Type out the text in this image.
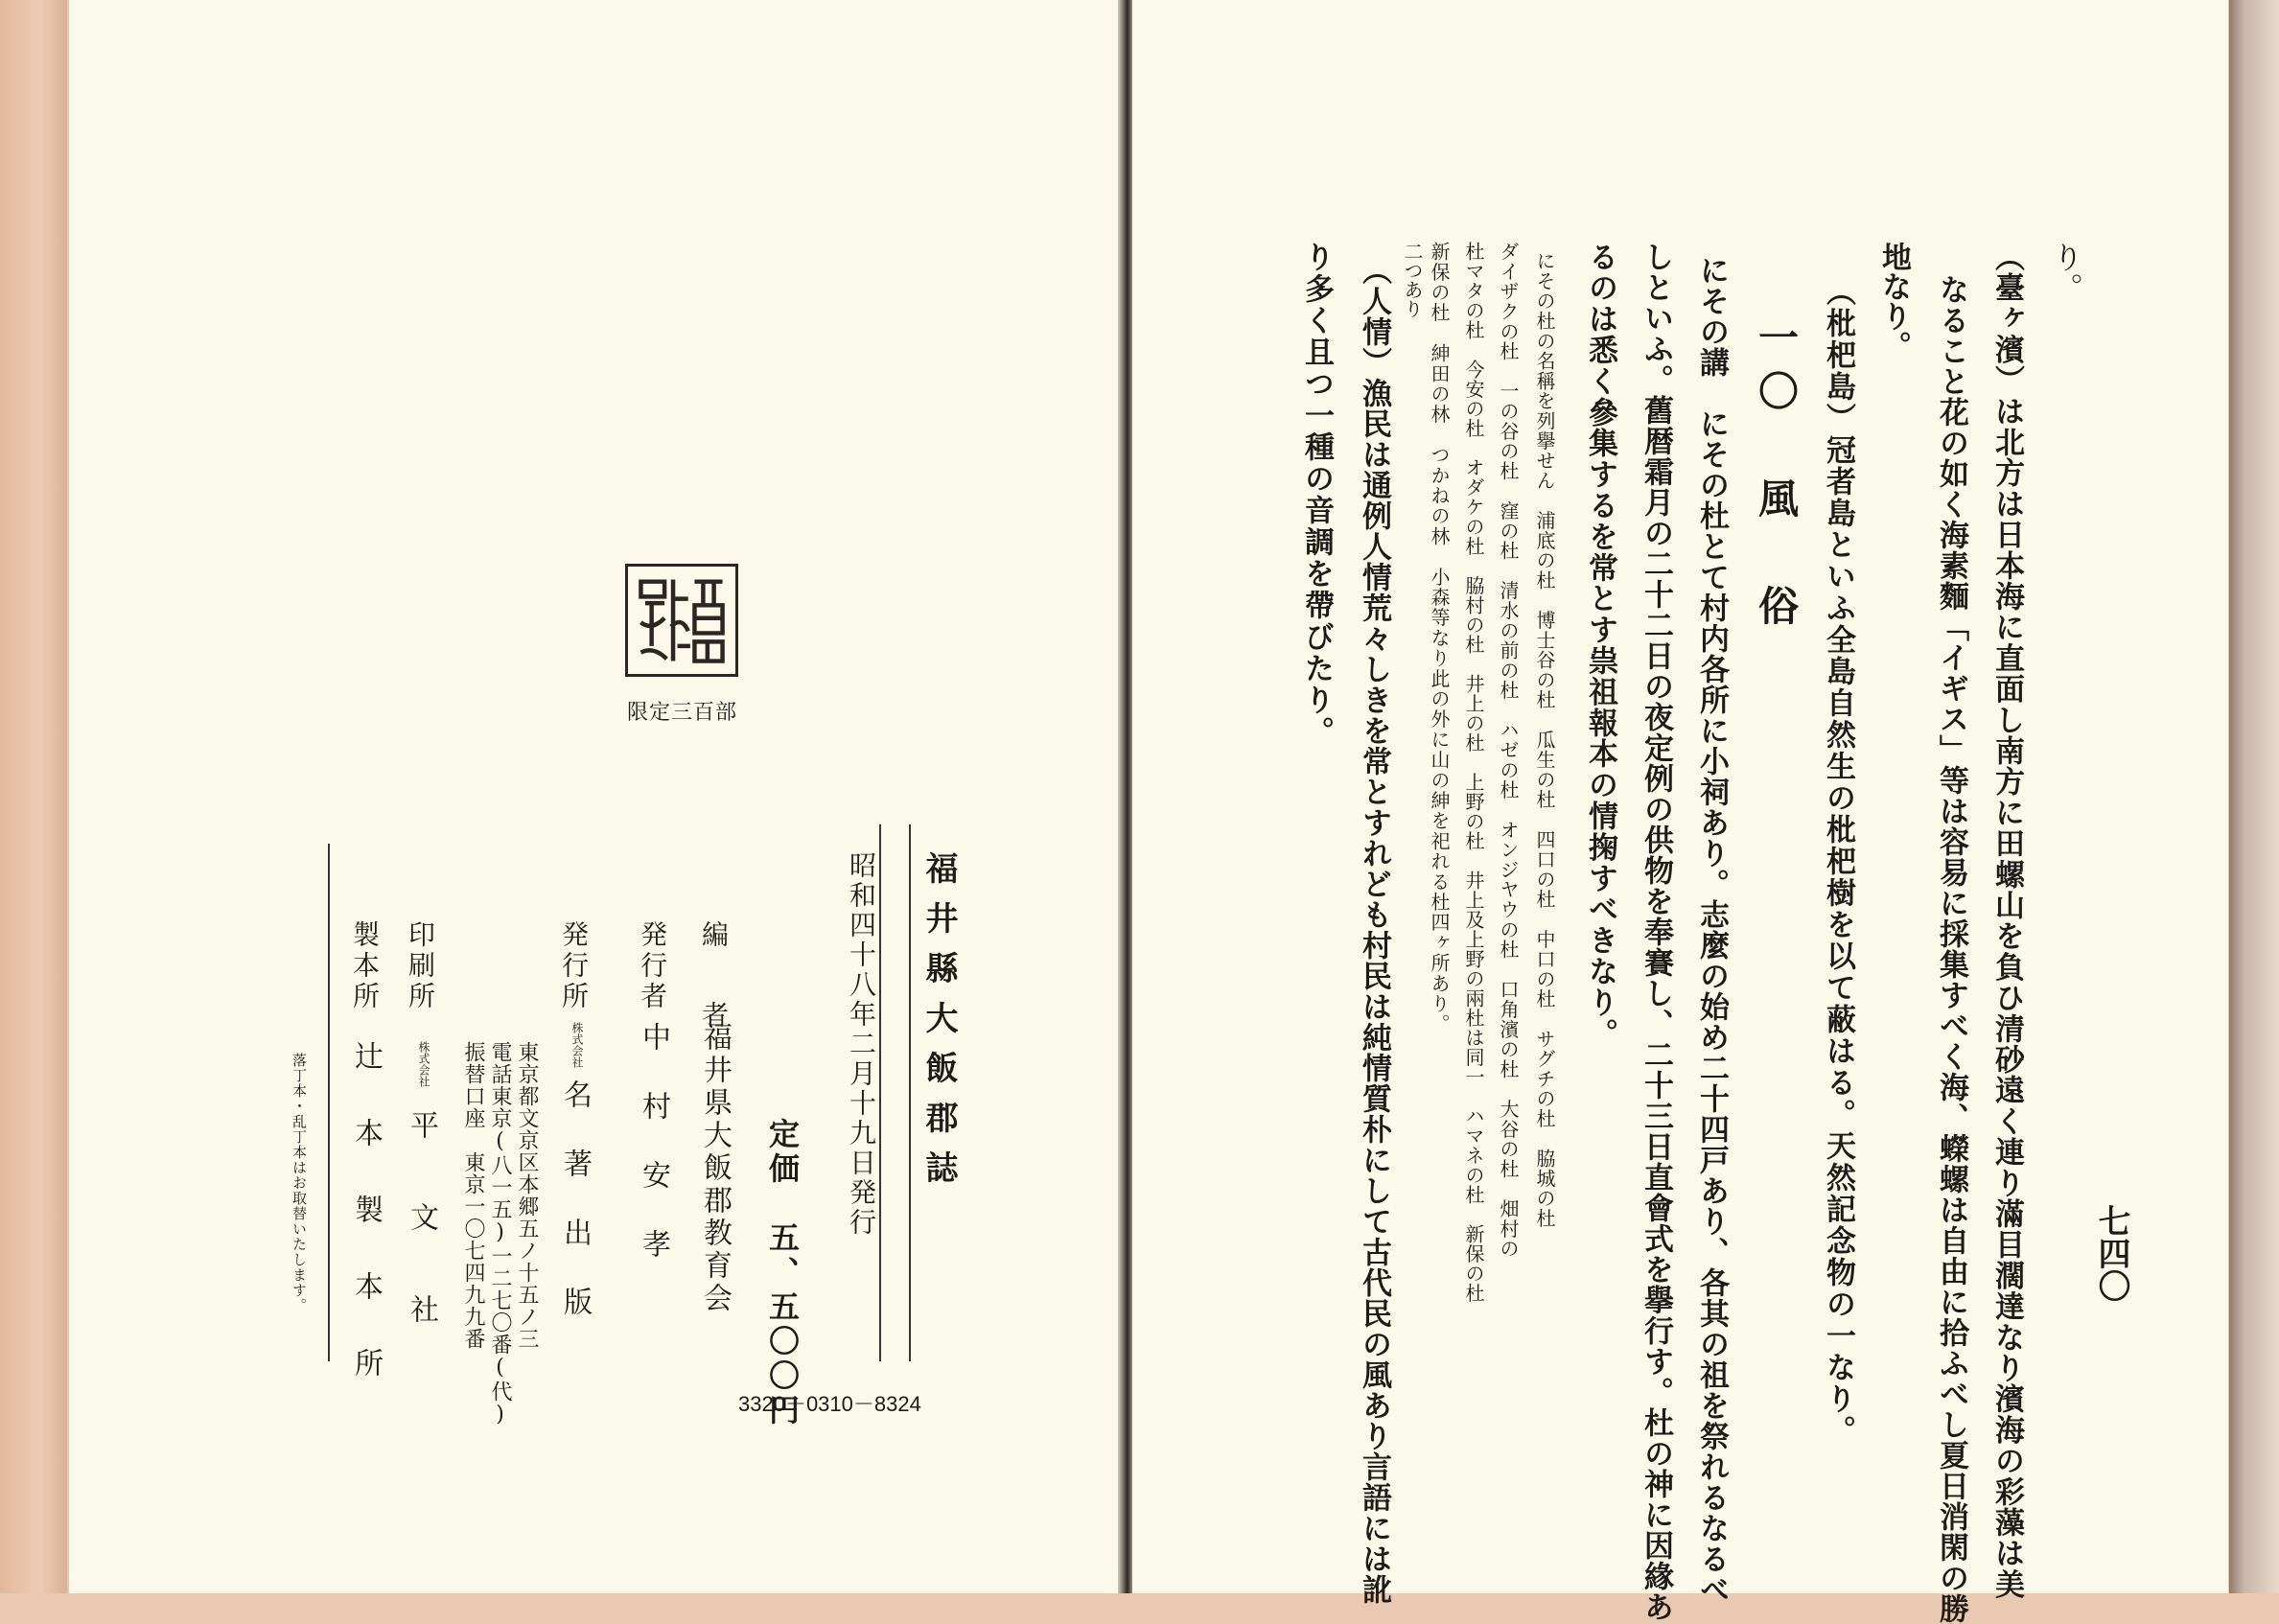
限定三百部
福井縣大飯郡誌
昭和四十八年二月十九日発行
定価　五、五〇〇円
編　者
福井県大飯郡教育会
発行者
中　村　安　孝
発行所
株式会社
名　著　出　版
東京都文京区本郷五ノ十五ノ三
電話東京(八一五)一二七〇番(代)
振替口座　東京一〇七四九九番
印刷所
株式会社
平　文　社
製本所
辻　本　製　本　所
落丁本・乱丁本はお取替いたします。
3320－0310－8324
七四〇
り。
（臺ヶ濱）は北方は日本海に直面し南方に田螺山を負ひ清砂遠く連り滿目濶達なり濱海の彩藻は美
なること花の如く海素麵「イギス」等は容易に採集すべく海、蠑螺は自由に拾ふべし夏日消閑の勝
地なり。
（枇杷島）冠者島といふ全島自然生の枇杷樹を以て蔽はる。天然記念物の一なり。
一〇　風　俗
にその講　にその杜とて村内各所に小祠あり。志麼の始め二十四戸あり、各其の祖を祭れるなるべ
しといふ。舊暦霜月の二十二日の夜定例の供物を奉賽し、二十三日直會式を擧行す。杜の神に因緣あ
るのは悉く參集するを常とす祟祖報本の情掬すべきなり。
にその杜の名稱を列擧せん　浦底の杜　博士谷の杜　瓜生の杜　四口の杜　中口の杜　サグチの杜　脇城の杜
ダイザクの杜　一の谷の杜　窪の杜　清水の前の杜　ハゼの杜　オンジヤウの杜　口角濱の杜　大谷の杜　畑村の
杜マタの杜　今安の杜　オダケの杜　脇村の杜　井上の杜　上野の杜　井上及上野の兩杜は同一　ハマネの杜　新保の杜
新保の杜　紳田の林　つかねの林　小森等なり此の外に山の紳を祀れる杜四ヶ所あり。
二つあり
（人情）漁民は通例人情荒々しきを常とすれども村民は純情質朴にして古代民の風あり言語には訛
り多く且つ一種の音調を帶びたり。
